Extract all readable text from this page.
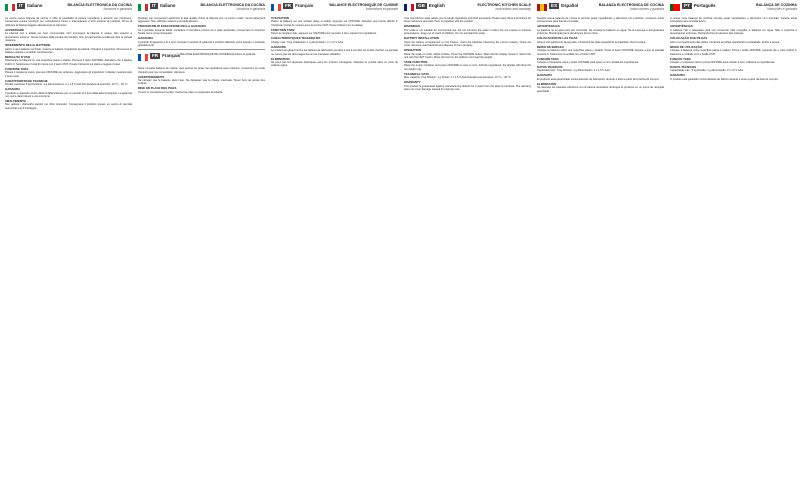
IT Italiano	BILANCIA ELETTRONICA DA CUCINA
Istruzioni e garanzia
La nostra nuova bilancia da cucina vi offre la possibilità di pesare ingredienti e alimenti con precisione. Conservate queste istruzioni per consultazioni future e trasmettetele a terzi insieme al prodotto. Prima di utilizzare la bilancia leggete attentamente le istruzioni.
AVVERTENZE
La bilancia non è adatta per l'uso commerciale. Non immergere la bilancia in acqua. Non esporre a temperature estreme. Tenere lontano dalla portata dei bambini. Non sovraccaricare la bilancia oltre la portata massima.
INSERIMENTO DELLE BATTERIE
Aprire il vano batterie sul fondo. Inserire le batterie rispettando la polarità. Chiudere il coperchio. Rimuovere le batterie esauste e smaltirle correttamente.
MODALITÀ D'USO
Posizionare la bilancia su una superficie piana e stabile. Premere il tasto ON/TARE. Attendere che il display indichi 0. Selezionare l'unità di misura con il tasto UNIT. Posare l'alimento sul piatto e leggere il peso.
FUNZIONE TARA
Posare il recipiente vuoto, premere ON/TARE per azzerare. Aggiungere gli ingredienti: il display mostrerà solo il peso netto.
CARATTERISTICHE TECNICHE
Portata massima: 5 kg Divisione: 1 g Alimentazione: 2 x 1,5 V AAA Temperatura di esercizio: 10 °C – 40 °C
GARANZIA
Il prodotto è garantito contro difetti di fabbricazione per un periodo di 2 anni dalla data di acquisto. La garanzia non copre danni dovuti a uso improprio.
SMALTIMENTO
Non gettare i dispositivi elettrici nei rifiuti domestici. Consegnare il prodotto presso un centro di raccolta autorizzato per il riciclaggio.
IT Italiano	BILANCIA ELETTRONICA DA CUCINA
Istruzioni e garanzia
Prodotto con componenti elettronici di alta qualità. Pulire la bilancia con un panno umido, senza detergenti aggressivi. Non utilizzare solventi o prodotti abrasivi.
PROCEDURE DI ESECUZIONE DELLA GARANZIA
Se il prodotto presenta difetti, contattare il rivenditore presso cui è stato acquistato. Conservare lo scontrino fiscale come prova d'acquisto.
GARANZIA
Il periodo di garanzia è di 2 anni. Durante il periodo di garanzia il prodotto difettoso verrà riparato o sostituito gratuitamente.
FR Français BALANCE ÉLECTRONIQUE DE CUISINEInstructions et garantie
Notre nouvelle balance de cuisine vous permet de peser les ingrédients avec précision. Conservez ce mode d'emploi pour une consultation ultérieure.
AVERTISSEMENTS
Ne plongez pas la balance dans l'eau. Ne dépassez pas la charge maximale. Tenez hors de portée des enfants.
MISE EN PLACE DES PILES
Ouvrez le compartiment à piles. Insérez les piles en respectant la polarité.
FR Français	BALANCE ÉLECTRONIQUE DE CUISINE
Instructions et garantie
UTILISATION
Placez la balance sur une surface plane et stable. Appuyez sur ON/TARE. Attendez que l'écran affiche 0. Choisissez l'unité de mesure avec la touche UNIT. Posez l'aliment sur le plateau.
FONCTION TARE
Posez le récipient vide, appuyez sur ON/TARE pour remettre à zéro. Ajoutez les ingrédients.
CARACTÉRISTIQUES TECHNIQUES
Charge max.: 5 kg Graduation: 1 g Alimentation: 2 x 1,5 V AAA
GARANTIE
Le produit est garanti contre les défauts de fabrication pendant 2 ans à compter de la date d'achat. La garantie ne couvre pas les dommages dus à une mauvaise utilisation.
ÉLIMINATION
Ne jetez pas les appareils électriques avec les ordures ménagères. Déposez le produit dans un point de collecte agréé.
GB English	ELECTRONIC KITCHEN SCALE
Instructions and warranty
Your new kitchen scale allows you to weigh ingredients and food accurately. Please keep these instructions for future reference and pass them on together with the product.
WARNINGS
The scale is not suitable for commercial use. Do not immerse the scale in water. Do not expose to extreme temperatures. Keep out of reach of children. Do not overload the scale.
BATTERY INSTALLATION
Open the battery compartment on the bottom. Insert the batteries observing the correct polarity. Close the cover. Remove used batteries and dispose of them properly.
OPERATION
Place the scale on a flat, stable surface. Press the ON/TARE button. Wait until the display shows 0. Select the unit with the UNIT button. Place the food on the platform and read the weight.
TARE FUNCTION
Place the empty container and press ON/TARE to reset to zero. Add the ingredients: the display will show the net weight only.
TECHNICAL DATA
Max. capacity: 5 kg Division: 1 g Power: 2 x 1.5 V AAA Operating temperature: 10 °C – 40 °C
WARRANTY
This product is guaranteed against manufacturing defects for 2 years from the date of purchase. The warranty does not cover damage caused by improper use.
ES Español	BALANZA ELECTRÓNICA DE COCINA
Instrucciones y garantía
Nuestra nueva balanza de cocina le permite pesar ingredientes y alimentos con precisión. Conserve estas instrucciones para futuras consultas.
ADVERTENCIAS
La balanza no es apta para uso comercial. No sumerja la balanza en agua. No la exponga a temperaturas extremas. Manténgala fuera del alcance de los niños.
COLOCACIÓN DE LAS PILAS
Abra el compartimento de las pilas. Introduzca las pilas respetando la polaridad. Cierre la tapa.
MODO DE EMPLEO
Coloque la balanza sobre una superficie plana y estable. Pulse el botón ON/TARE. Espere a que la pantalla muestre 0. Seleccione la unidad con el botón UNIT.
FUNCIÓN TARA
Coloque el recipiente vacío y pulse ON/TARE para poner a cero. Añada los ingredientes.
DATOS TÉCNICOS
Capacidad máx.: 5 kg División: 1 g Alimentación: 2 x 1,5 V AAA
GARANTÍA
El producto está garantizado contra defectos de fabricación durante 2 años a partir de la fecha de compra.
ELIMINACIÓN
No deseche los aparatos eléctricos con la basura doméstica. Entregue el producto en un punto de recogida autorizado.
PT Português	BALANÇA DE COZINHA
Instruções e garantia
A nossa nova balança de cozinha permite pesar ingredientes e alimentos com precisão. Guarde estas instruções para consulta futura.
ADVERTÊNCIAS
A balança não é adequada para uso comercial. Não mergulhe a balança em água. Não a exponha a temperaturas extremas. Mantenha fora do alcance das crianças.
COLOCAÇÃO DAS PILHAS
Abra o compartimento das pilhas. Introduza as pilhas respeitando a polaridade. Feche a tampa.
MODO DE UTILIZAÇÃO
Coloque a balança numa superfície plana e estável. Prima o botão ON/TARE. Aguarde até o visor indicar 0. Selecione a unidade com o botão UNIT.
FUNÇÃO TARA
Coloque o recipiente vazio e prima ON/TARE para colocar a zero. Adicione os ingredientes.
DADOS TÉCNICOS
Capacidade máx.: 5 kg Divisão: 1 g Alimentação: 2 x 1,5 V AAA
GARANTIA
O produto está garantido contra defeitos de fabrico durante 2 anos a partir da data de compra.
